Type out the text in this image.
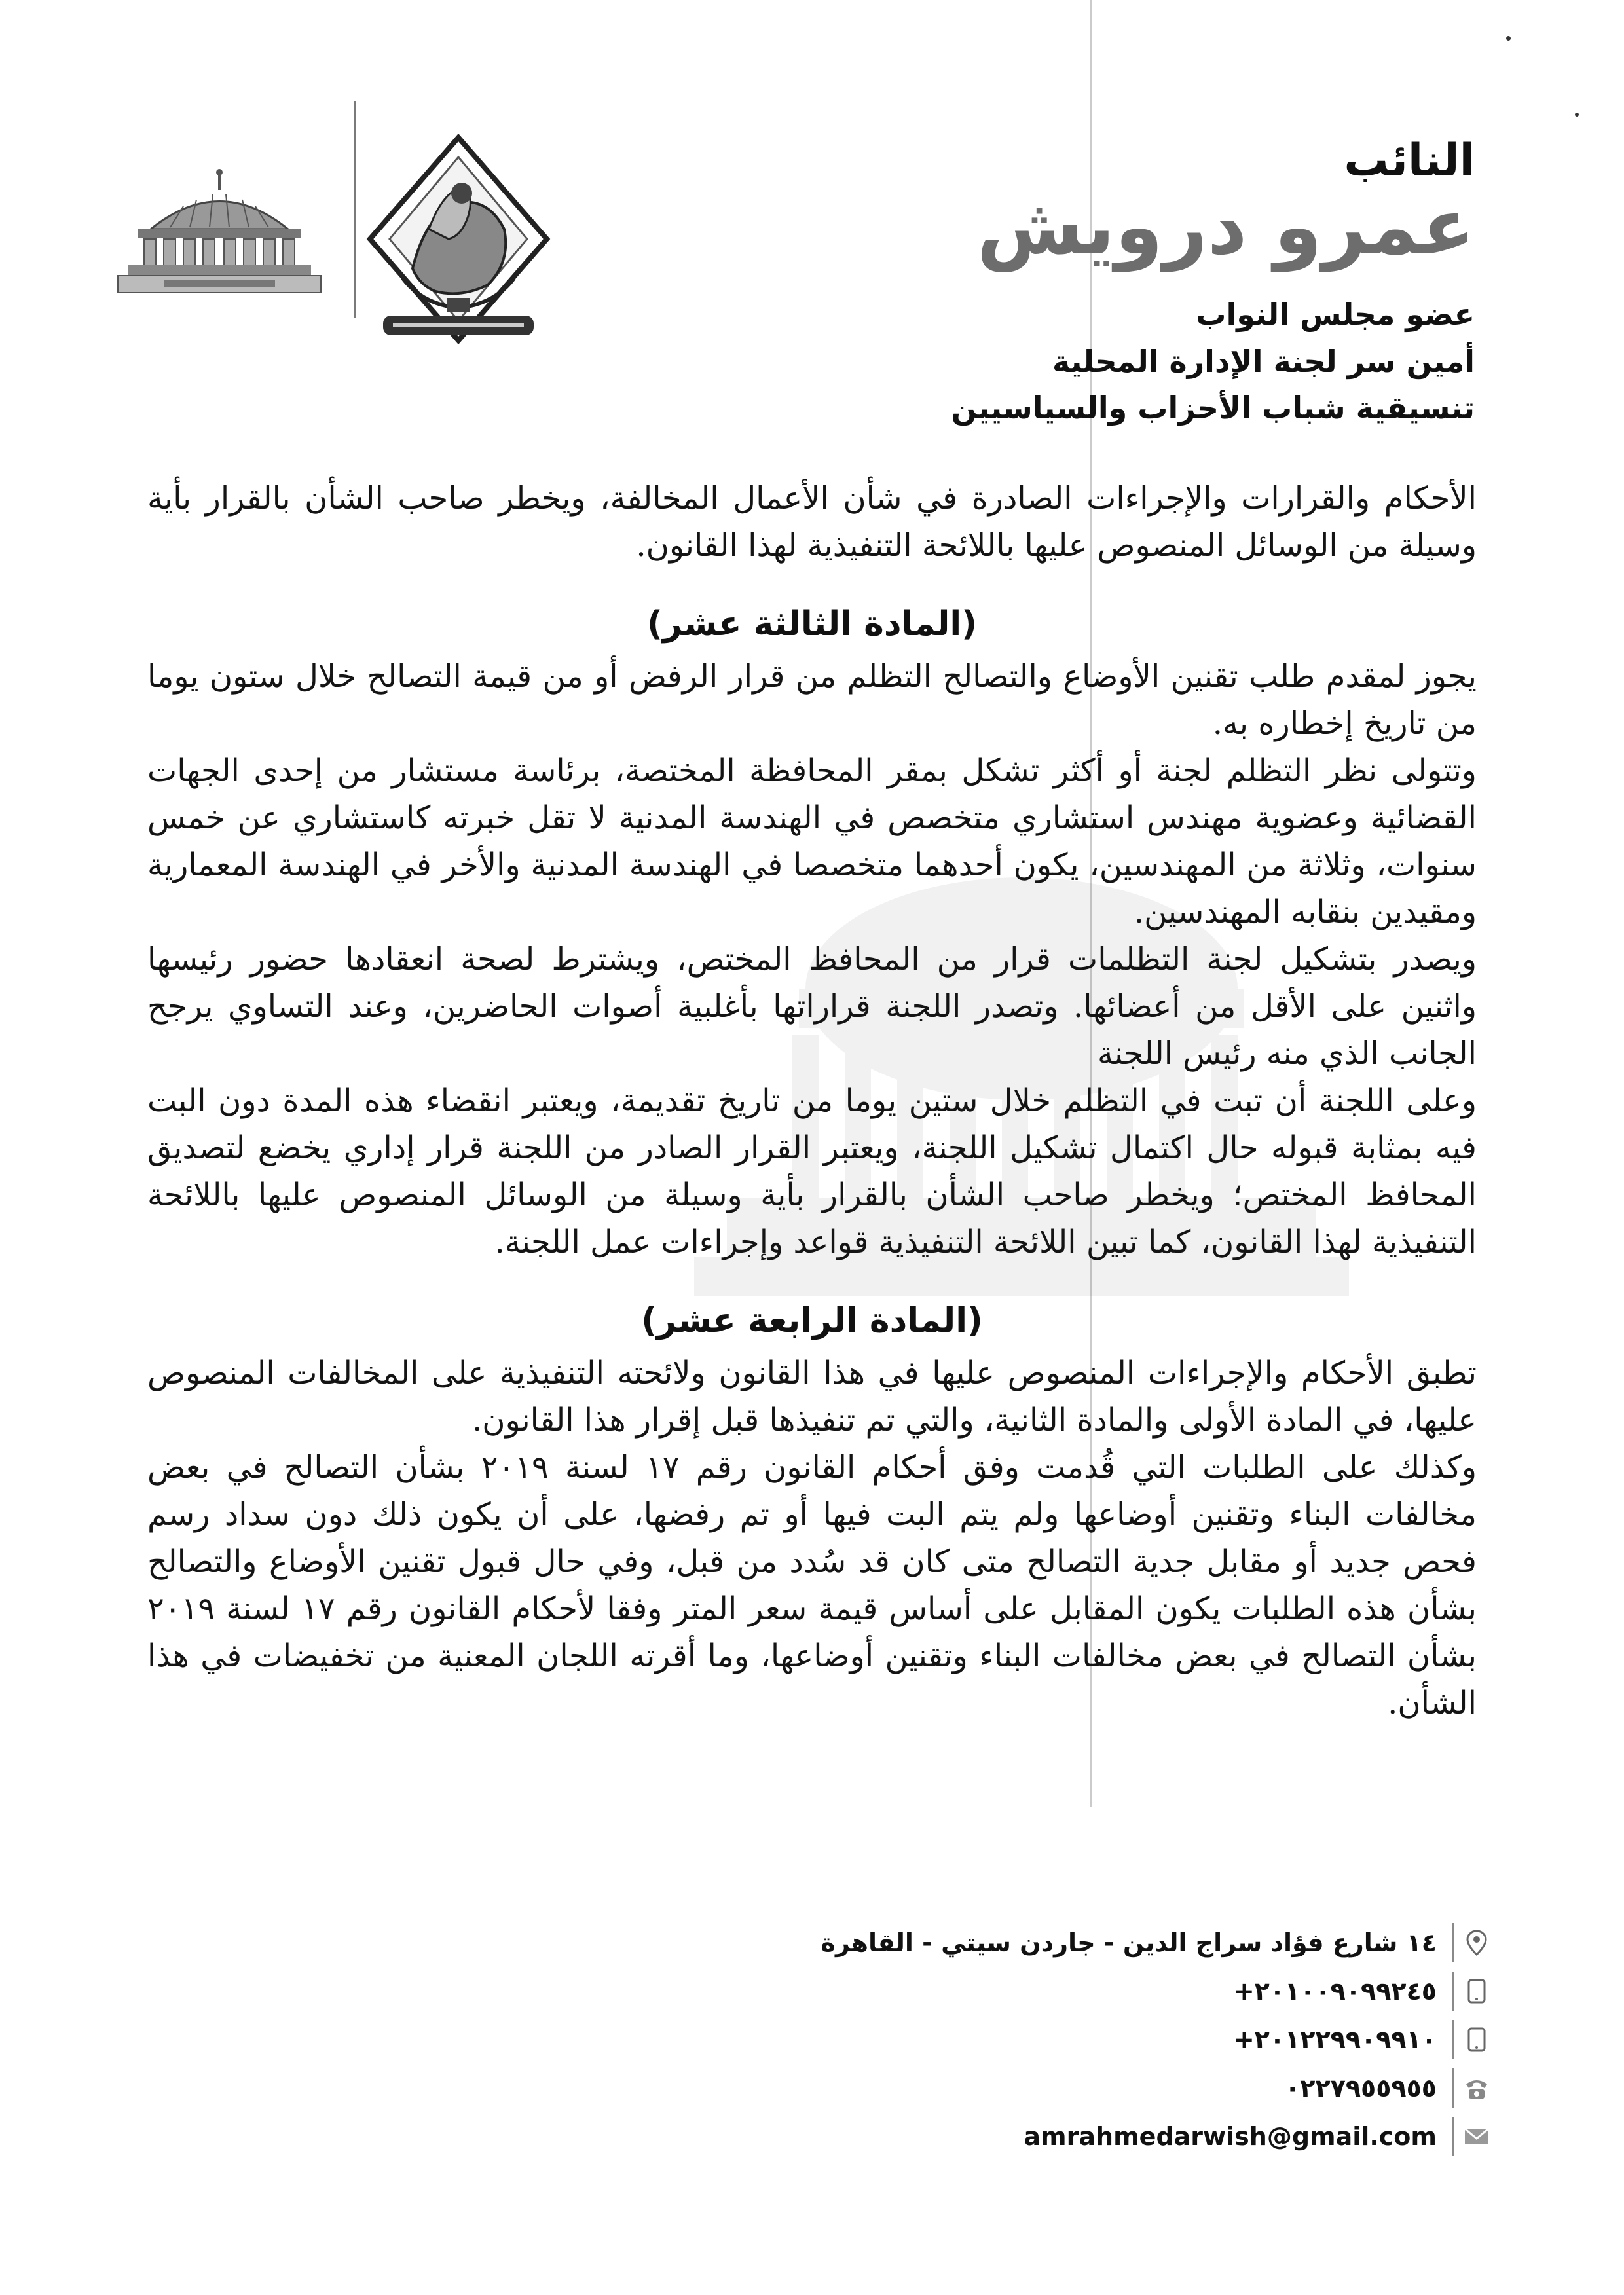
النائب
عمرو درويش
عضو مجلس النواب
أمين سر لجنة الإدارة المحلية
تنسيقية شباب الأحزاب والسياسيين

الأحكام والقرارات والإجراءات الصادرة في شأن الأعمال المخالفة، ويخطر صاحب الشأن بالقرار بأية وسيلة من الوسائل المنصوص عليها باللائحة التنفيذية لهذا القانون.

(المادة الثالثة عشر)

يجوز لمقدم طلب تقنين الأوضاع والتصالح التظلم من قرار الرفض أو من قيمة التصالح خلال ستون يوما من تاريخ إخطاره به.

وتتولى نظر التظلم لجنة أو أكثر تشكل بمقر المحافظة المختصة، برئاسة مستشار من إحدى الجهات القضائية وعضوية مهندس استشاري متخصص في الهندسة المدنية لا تقل خبرته كاستشاري عن خمس سنوات، وثلاثة من المهندسين، يكون أحدهما متخصصا في الهندسة المدنية والأخر في الهندسة المعمارية ومقيدين بنقابه المهندسين.

ويصدر بتشكيل لجنة التظلمات قرار من المحافظ المختص، ويشترط لصحة انعقادها حضور رئيسها واثنين على الأقل من أعضائها. وتصدر اللجنة قراراتها بأغلبية أصوات الحاضرين، وعند التساوي يرجح الجانب الذي منه رئيس اللجنة

وعلى اللجنة أن تبت في التظلم خلال ستين يوما من تاريخ تقديمة، ويعتبر انقضاء هذه المدة دون البت فيه بمثابة قبوله حال اكتمال تشكيل اللجنة، ويعتبر القرار الصادر من اللجنة قرار إداري يخضع لتصديق المحافظ المختص؛ ويخطر صاحب الشأن بالقرار بأية وسيلة من الوسائل المنصوص عليها باللائحة التنفيذية لهذا القانون، كما تبين اللائحة التنفيذية قواعد وإجراءات عمل اللجنة.

(المادة الرابعة عشر)

تطبق الأحكام والإجراءات المنصوص عليها في هذا القانون ولائحته التنفيذية على المخالفات المنصوص عليها، في المادة الأولى والمادة الثانية، والتي تم تنفيذها قبل إقرار هذا القانون.

وكذلك على الطلبات التي قُدمت وفق أحكام القانون رقم ١٧ لسنة ٢٠١٩ بشأن التصالح في بعض مخالفات البناء وتقنين أوضاعها ولم يتم البت فيها أو تم رفضها، على أن يكون ذلك دون سداد رسم فحص جديد أو مقابل جدية التصالح متى كان قد سُدد من قبل، وفي حال قبول تقنين الأوضاع والتصالح بشأن هذه الطلبات يكون المقابل على أساس قيمة سعر المتر وفقا لأحكام القانون رقم ١٧ لسنة ٢٠١٩ بشأن التصالح في بعض مخالفات البناء وتقنين أوضاعها، وما أقرته اللجان المعنية من تخفيضات في هذا الشأن.

١٤ شارع فؤاد سراج الدين - جاردن سيتي - القاهرة
+٢٠١٠٠٩٠٩٩٢٤٥
+٢٠١٢٢٩٩٠٩٩١٠
٠٢٢٧٩٥٥٩٥٥
amrahmedarwish@gmail.com
